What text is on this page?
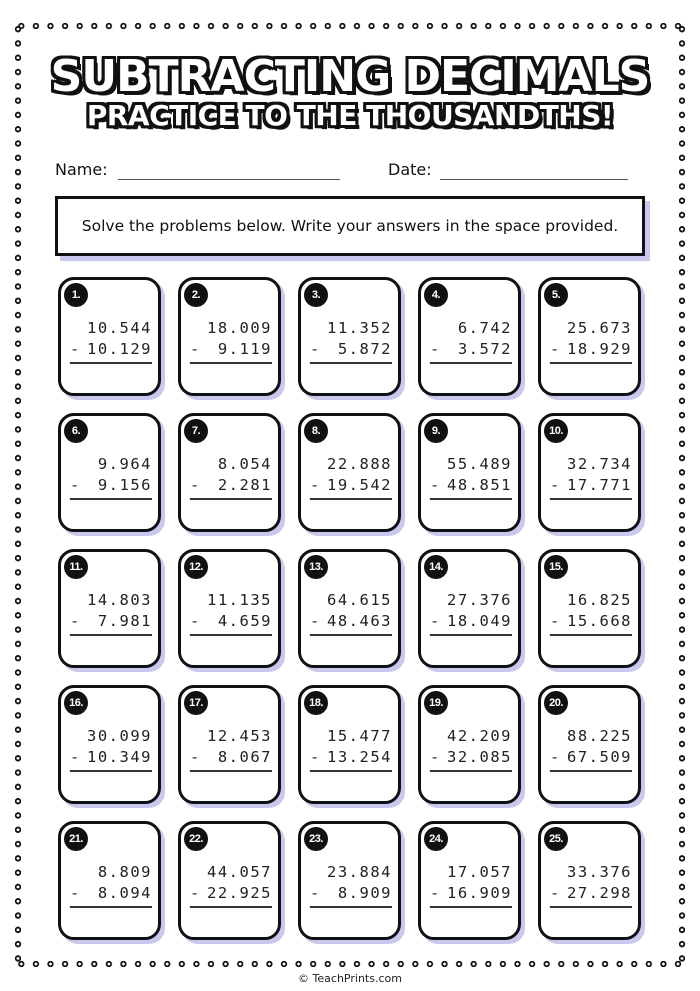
SUBTRACTING DECIMALS
PRACTICE TO THE THOUSANDTHS!
Name:	Date:
Solve the problems below. Write your answers in the space provided.
1.
10.544
- 10.129
2.
18.009
- 9.119
3.
11.352
- 5.872
4.
6.742
- 3.572
5.
25.673
- 18.929
6.
9.964
- 9.156
7.
8.054
- 2.281
8.
22.888
- 19.542
9.
55.489
- 48.851
10.
32.734
- 17.771
11.
14.803
- 7.981
12.
11.135
- 4.659
13.
64.615
- 48.463
14.
27.376
- 18.049
15.
16.825
- 15.668
16.
30.099
- 10.349
17.
12.453
- 8.067
18.
15.477
- 13.254
19.
42.209
- 32.085
20.
88.225
- 67.509
21.
8.809
- 8.094
22.
44.057
- 22.925
23.
23.884
- 8.909
24.
17.057
- 16.909
25.
33.376
- 27.298
© TeachPrints.com
